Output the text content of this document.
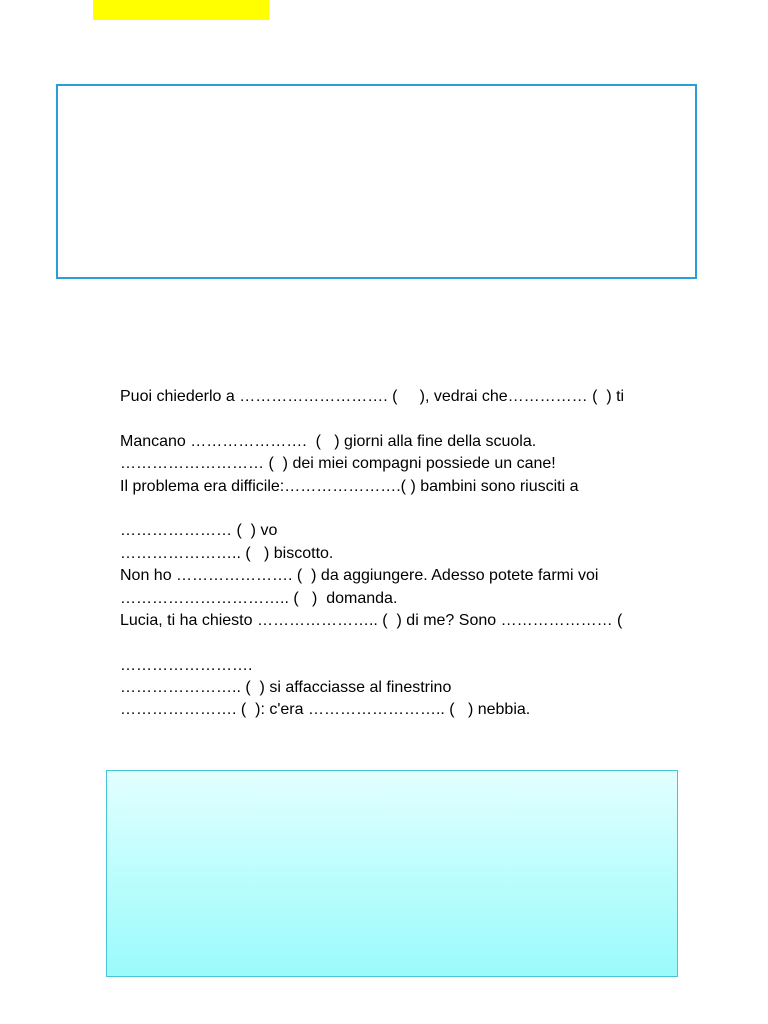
Puoi chiederlo a ………………………. (     ), vedrai che…………… (  ) ti
Mancano ………………….  (   ) giorni alla fine della scuola.
……………………… (  ) dei miei compagni possiede un cane!
Il problema era difficile:………………….( ) bambini sono riusciti a
………………… (  ) vo
………………….. (   ) biscotto.
Non ho …………………. (  ) da aggiungere. Adesso potete farmi voi
………………………….. (   )  domanda.
Lucia, ti ha chiesto ………………….. (  ) di me? Sono ………………… (
…………………….
………………….. (  ) si affacciasse al finestrino
…………………. (  ): c'era …………………….. (   ) nebbia.
